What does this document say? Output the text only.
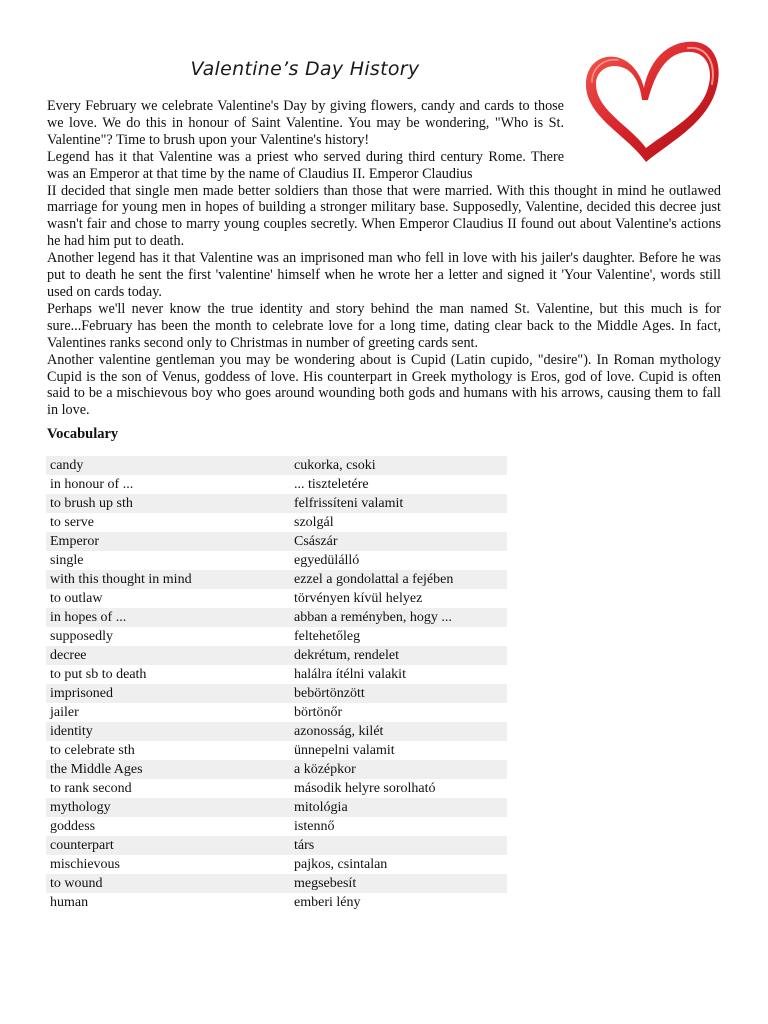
Valentine’s Day History

Every February we celebrate Valentine's Day by giving flowers, candy and cards to those we love. We do this in honour of Saint Valentine. You may be wondering, "Who is St. Valentine"? Time to brush upon your Valentine's history!

Legend has it that Valentine was a priest who served during third century Rome. There was an Emperor at that time by the name of Claudius II. Emperor Claudius

II decided that single men made better soldiers than those that were married. With this thought in mind he outlawed marriage for young men in hopes of building a stronger military base. Supposedly, Valentine, decided this decree just wasn't fair and chose to marry young couples secretly. When Emperor Claudius II found out about Valentine's actions he had him put to death.

Another legend has it that Valentine was an imprisoned man who fell in love with his jailer's daughter. Before he was put to death he sent the first 'valentine' himself when he wrote her a letter and signed it 'Your Valentine', words still used on cards today.

Perhaps we'll never know the true identity and story behind the man named St. Valentine, but this much is for sure...February has been the month to celebrate love for a long time, dating clear back to the Middle Ages. In fact, Valentines ranks second only to Christmas in number of greeting cards sent.

Another valentine gentleman you may be wondering about is Cupid (Latin cupido, "desire"). In Roman mythology Cupid is the son of Venus, goddess of love. His counterpart in Greek mythology is Eros, god of love. Cupid is often said to be a mischievous boy who goes around wounding both gods and humans with his arrows, causing them to fall in love.

Vocabulary
candy	cukorka, csoki
in honour of ...	... tiszteletére
to brush up sth	felfrissíteni valamit
to serve	szolgál
Emperor	Császár
single	egyedülálló
with this thought in mind	ezzel a gondolattal a fejében
to outlaw	törvényen kívül helyez
in hopes of ...	abban a reményben, hogy ...
supposedly	feltehetőleg
decree	dekrétum, rendelet
to put sb to death	halálra ítélni valakit
imprisoned	bebörtönzött
jailer	börtönőr
identity	azonosság, kilét
to celebrate sth	ünnepelni valamit
the Middle Ages	a középkor
to rank second	második helyre sorolható
mythology	mitológia
goddess	istennő
counterpart	társ
mischievous	pajkos, csintalan
to wound	megsebesít
human	emberi lény
